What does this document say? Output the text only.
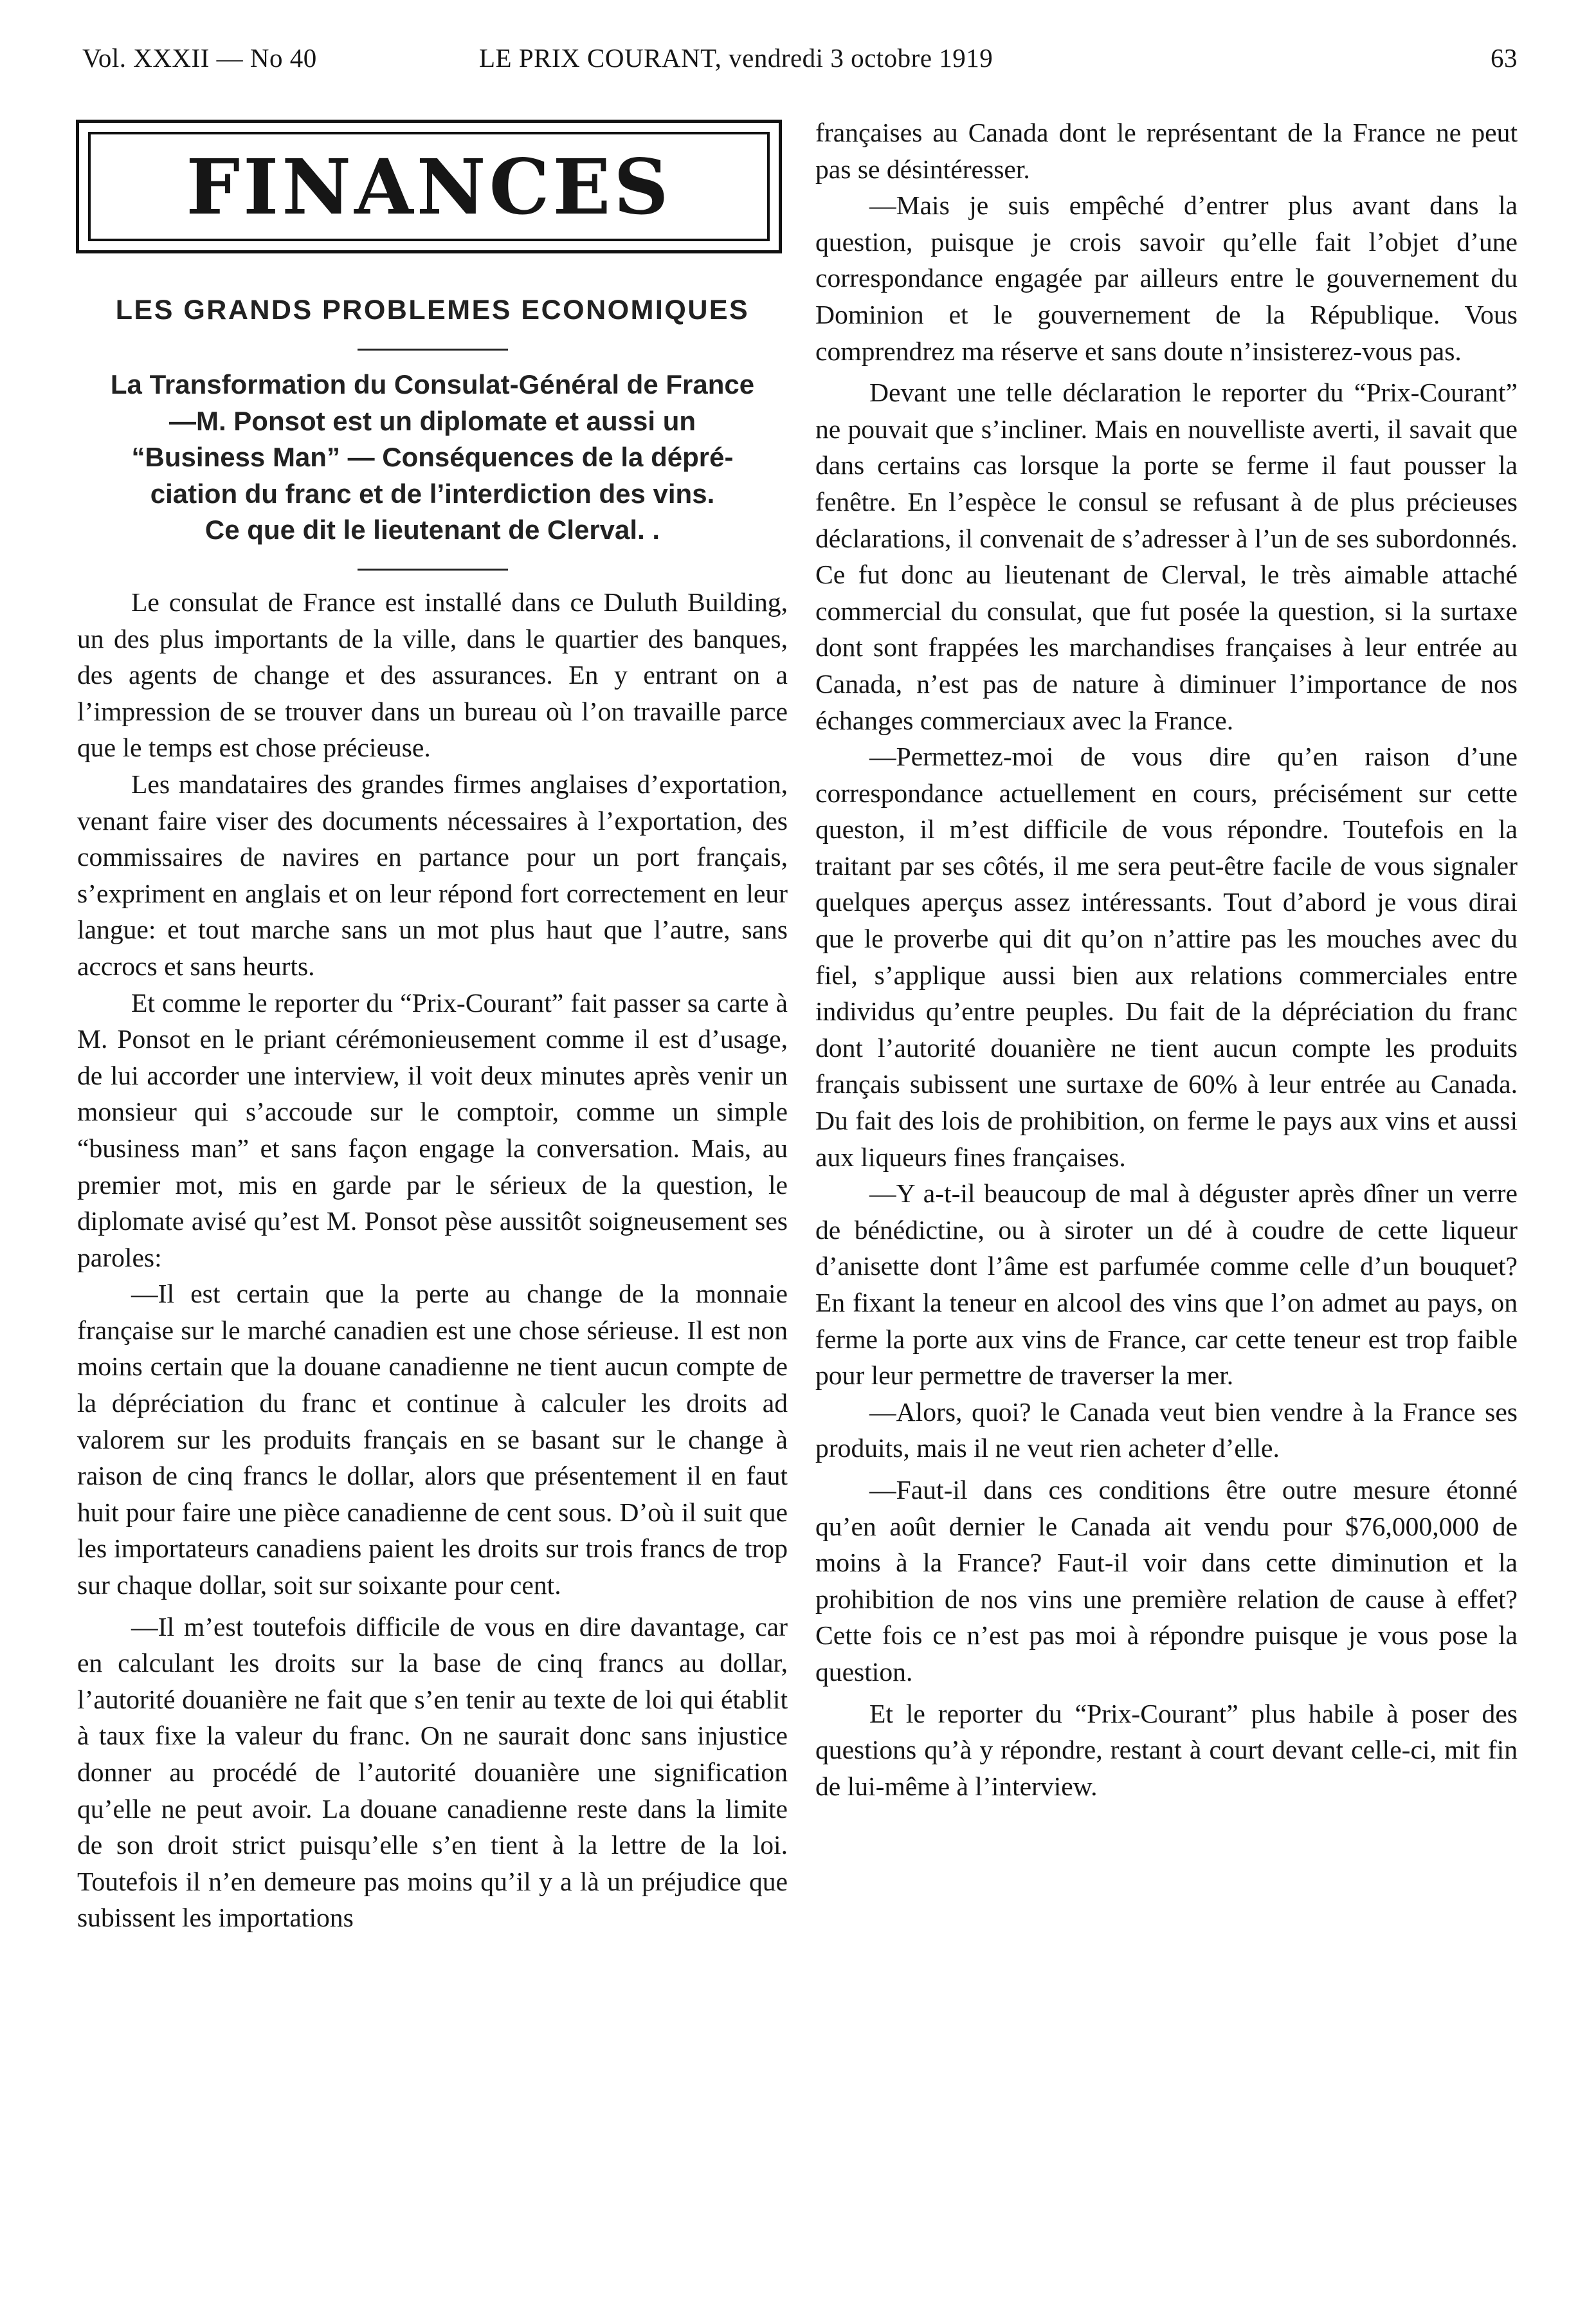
Vol. XXXII — No 40	LE PRIX COURANT, vendredi 3 octobre 1919	63
FINANCES
LES GRANDS PROBLEMES ECONOMIQUES
La Transformation du Consulat-Général de France
—M. Ponsot est un diplomate et aussi un
“Business Man” — Conséquences de la dépré-
ciation du franc et de l’interdiction des vins.
Ce que dit le lieutenant de Clerval. .

Le consulat de France est installé dans ce Duluth Building, un des plus importants de la ville, dans le quartier des banques, des agents de change et des assurances. En y entrant on a l’impression de se trouver dans un bureau où l’on travaille parce que le temps est chose précieuse.

Les mandataires des grandes firmes anglaises d’exportation, venant faire viser des documents nécessaires à l’exportation, des commissaires de navires en partance pour un port français, s’expriment en anglais et on leur répond fort correctement en leur langue: et tout marche sans un mot plus haut que l’autre, sans accrocs et sans heurts.

Et comme le reporter du “Prix-Courant” fait passer sa carte à M. Ponsot en le priant cérémonieusement comme il est d’usage, de lui accorder une interview, il voit deux minutes après venir un monsieur qui s’accoude sur le comptoir, comme un simple “business man” et sans façon engage la conversation. Mais, au premier mot, mis en garde par le sérieux de la question, le diplomate avisé qu’est M. Ponsot pèse aussitôt soigneusement ses paroles:

—Il est certain que la perte au change de la monnaie française sur le marché canadien est une chose sérieuse. Il est non moins certain que la douane canadienne ne tient aucun compte de la dépréciation du franc et continue à calculer les droits ad valorem sur les produits français en se basant sur le change à raison de cinq francs le dollar, alors que présentement il en faut huit pour faire une pièce canadienne de cent sous. D’où il suit que les importateurs canadiens paient les droits sur trois francs de trop sur chaque dollar, soit sur soixante pour cent.

—Il m’est toutefois difficile de vous en dire davantage, car en calculant les droits sur la base de cinq francs au dollar, l’autorité douanière ne fait que s’en tenir au texte de loi qui établit à taux fixe la valeur du franc. On ne saurait donc sans injustice donner au procédé de l’autorité douanière une signification qu’elle ne peut avoir. La douane canadienne reste dans la limite de son droit strict puisqu’elle s’en tient à la lettre de la loi. Toutefois il n’en demeure pas moins qu’il y a là un préjudice que subissent les importations

françaises au Canada dont le représentant de la France ne peut pas se désintéresser.

—Mais je suis empêché d’entrer plus avant dans la question, puisque je crois savoir qu’elle fait l’objet d’une correspondance engagée par ailleurs entre le gouvernement du Dominion et le gouvernement de la République. Vous comprendrez ma réserve et sans doute n’insisterez-vous pas.

Devant une telle déclaration le reporter du “Prix-Courant” ne pouvait que s’incliner. Mais en nouvelliste averti, il savait que dans certains cas lorsque la porte se ferme il faut pousser la fenêtre. En l’espèce le consul se refusant à de plus précieuses déclarations, il convenait de s’adresser à l’un de ses subordonnés. Ce fut donc au lieutenant de Clerval, le très aimable attaché commercial du consulat, que fut posée la question, si la surtaxe dont sont frappées les marchandises françaises à leur entrée au Canada, n’est pas de nature à diminuer l’importance de nos échanges commerciaux avec la France.

—Permettez-moi de vous dire qu’en raison d’une correspondance actuellement en cours, précisément sur cette queston, il m’est difficile de vous répondre. Toutefois en la traitant par ses côtés, il me sera peut-être facile de vous signaler quelques aperçus assez intéressants. Tout d’abord je vous dirai que le proverbe qui dit qu’on n’attire pas les mouches avec du fiel, s’applique aussi bien aux relations commerciales entre individus qu’entre peuples. Du fait de la dépréciation du franc dont l’autorité douanière ne tient aucun compte les produits français subissent une surtaxe de 60% à leur entrée au Canada. Du fait des lois de prohibition, on ferme le pays aux vins et aussi aux liqueurs fines françaises.

—Y a-t-il beaucoup de mal à déguster après dîner un verre de bénédictine, ou à siroter un dé à coudre de cette liqueur d’anisette dont l’âme est parfumée comme celle d’un bouquet? En fixant la teneur en alcool des vins que l’on admet au pays, on ferme la porte aux vins de France, car cette teneur est trop faible pour leur permettre de traverser la mer.

—Alors, quoi? le Canada veut bien vendre à la France ses produits, mais il ne veut rien acheter d’elle.

—Faut-il dans ces conditions être outre mesure étonné qu’en août dernier le Canada ait vendu pour $76,000,000 de moins à la France? Faut-il voir dans cette diminution et la prohibition de nos vins une première relation de cause à effet? Cette fois ce n’est pas moi à répondre puisque je vous pose la question.

Et le reporter du “Prix-Courant” plus habile à poser des questions qu’à y répondre, restant à court devant celle-ci, mit fin de lui-même à l’interview.
